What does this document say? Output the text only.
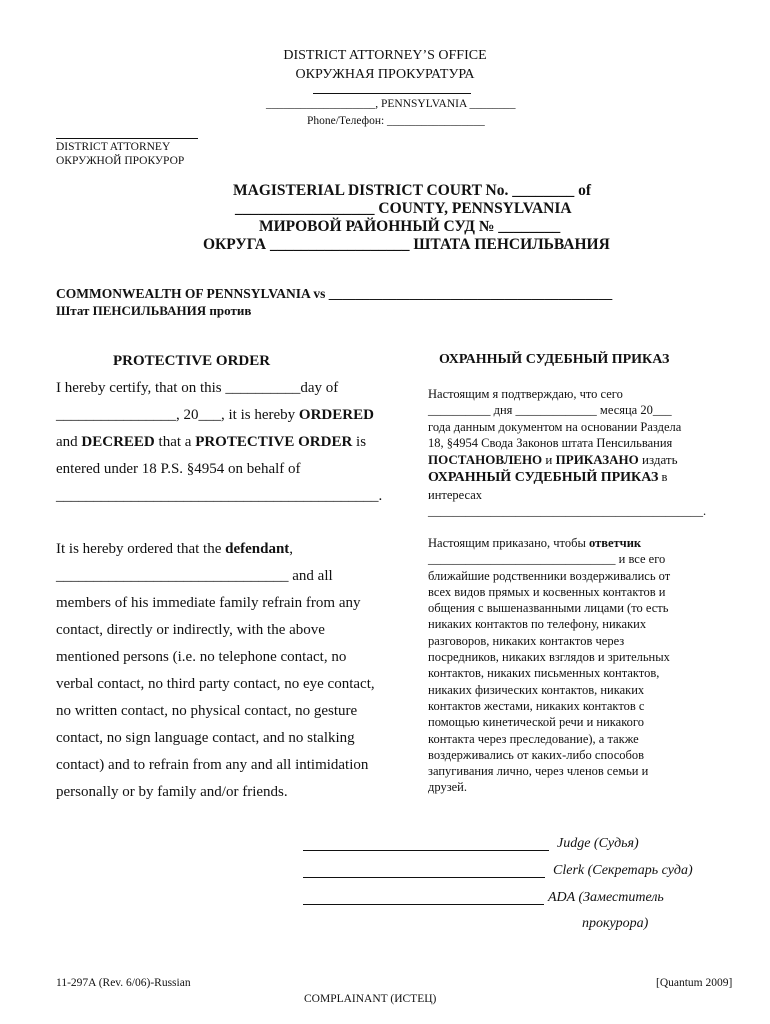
DISTRICT ATTORNEY’S OFFICE
ОКРУЖНАЯ ПРОКУРАТУРА
___________________, PENNSYLVANIA ________
Phone/Телефон: _________________
DISTRICT ATTORNEY
ОКРУЖНОЙ ПРОКУРОР
MAGISTERIAL DISTRICT COURT No. ________ of
__________________ COUNTY, PENNSYLVANIA
МИРОВОЙ РАЙОННЫЙ СУД № ________
ОКРУГА __________________ ШТАТА ПЕНСИЛЬВАНИЯ
COMMONWEALTH OF PENNSYLVANIA vs __________________________________________
Штат ПЕНСИЛЬВАНИЯ против
PROTECTIVE ORDER
I hereby certify, that on this __________day of
________________, 20___, it is hereby ORDERED
and DECREED that a PROTECTIVE ORDER is
entered under 18 P.S. §4954 on behalf of
___________________________________________.
It is hereby ordered that the defendant,
_______________________________ and all
members of his immediate family refrain from any
contact, directly or indirectly, with the above
mentioned persons (i.e. no telephone contact, no
verbal contact, no third party contact, no eye contact,
no written contact, no physical contact, no gesture
contact, no sign language contact, and no stalking
contact) and to refrain from any and all intimidation
personally or by family and/or friends.
ОХРАННЫЙ СУДЕБНЫЙ ПРИКАЗ
Настоящим я подтверждаю, что сего
__________ дня _____________ месяца 20___
года данным документом на основании Раздела
18, §4954 Свода Законов штата Пенсильвания
ПОСТАНОВЛЕНО и ПРИКАЗАНО издать
ОХРАННЫЙ СУДЕБНЫЙ ПРИКАЗ в
интересах
____________________________________________.
Настоящим приказано, чтобы ответчик
______________________________ и все его
ближайшие родственники воздерживались от
всех видов прямых и косвенных контактов и
общения с вышеназванными лицами (то есть
никаких контактов по телефону, никаких
разговоров, никаких контактов через
посредников, никаких взглядов и зрительных
контактов, никаких письменных контактов,
никаких физических контактов, никаких
контактов жестами, никаких контактов с
помощью кинетической речи и никакого
контакта через преследование), а также
воздерживались от каких-либо способов
запугивания лично, через членов семьи и
друзей.
Judge (Судья)
Clerk (Секретарь суда)
ADA (Заместитель
прокурора)
11-297A (Rev. 6/06)-Russian	[Quantum 2009]
COMPLAINANT (ИСТЕЦ)
